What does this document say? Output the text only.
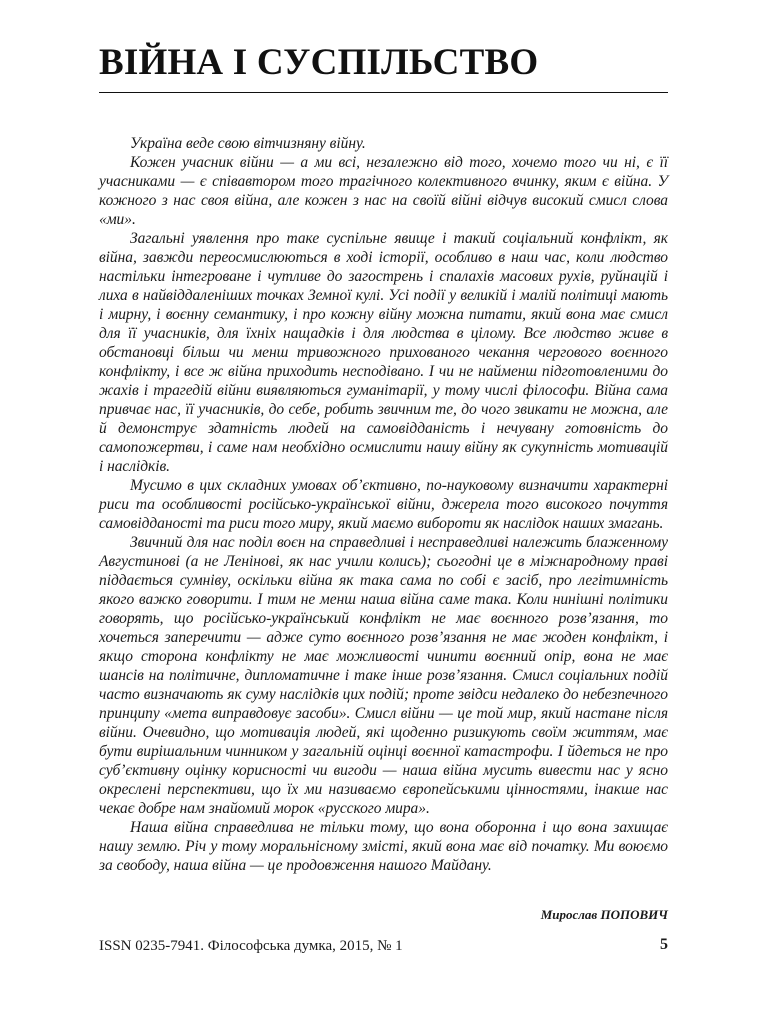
ВІЙНА І СУСПІЛЬСТВО

Україна веде свою вітчизняну війну.

Кожен учасник війни — а ми всі, незалежно від того, хочемо того чи ні, є її учасниками — є співавтором того трагічного колективного вчинку, яким є війна. У кожного з нас своя війна, але кожен з нас на своїй війні відчув високий смисл слова «ми».

Загальні уявлення про таке суспільне явище і такий соціальний конфлікт, як війна, завжди переосмислюються в ході історії, особливо в наш час, коли людство настільки інтегроване і чутливе до загострень і спалахів масових рухів, руйнацій і лиха в найвіддаленіших точках Земної кулі. Усі події у великій і малій політиці мають і мирну, і воєнну семантику, і про кожну війну можна питати, який вона має смисл для її учасників, для їхніх нащадків і для людства в цілому. Все людство живе в обстановці більш чи менш тривожного прихованого чекання чергового воєнного конфлікту, і все ж війна приходить несподівано. І чи не найменш підготовленими до жахів і трагедій війни виявляються гуманітарії, у тому числі філософи. Війна сама привчає нас, її учасників, до себе, робить звичним те, до чого звикати не можна, але й демонструє здатність людей на самовідданість і нечувану готовність до самопожертви, і саме нам необхідно осмислити нашу війну як сукупність мотивацій і наслідків.

Мусимо в цих складних умовах об’єктивно, по-науковому визначити характерні риси та особливості російсько-української війни, джерела того високого почуття самовідданості та риси того миру, який маємо виборoти як наслідок наших змагань.

Звичний для нас поділ воєн на справедливі і несправедливі належить блаженному Августинові (а не Ленінові, як нас учили колись); сьогодні це в міжнародному праві піддається сумніву, оскільки війна як така сама по собі є засіб, про легітимність якого важко говорити. І тим не менш наша війна саме така. Коли нинішні політики говорять, що російсько-український конфлікт не має воєнного розв’язання, то хочеться заперечити — адже суто воєнного розв’язання не має жоден конфлікт, і якщо сторона конфлікту не має можливості чинити воєнний опір, вона не має шансів на політичне, дипломатичне і таке інше розв’язання. Смисл соціальних подій часто визначають як суму наслідків цих подій; проте звідси недалеко до небезпечного принципу «мета виправдовує засоби». Смисл війни — це той мир, який настане після війни. Очевидно, що мотивація людей, які щоденно ризикують своїм життям, має бути вирішальним чинником у загальній оцінці воєнної катастрофи. І йдеться не про суб’єктивну оцінку корисності чи вигоди — наша війна мусить вивести нас у ясно окреслені перспективи, що їх ми називаємо європейськими цінностями, інакше нас чекає добре нам знайомий морок «русского мира».

Наша війна справедлива не тільки тому, що вона оборонна і що вона захищає нашу землю. Річ у тому моральнісному змісті, який вона має від початку. Ми воюємо за свободу, наша війна — це продовження нашого Майдану.

Мирослав ПОПОВИЧ

ISSN 0235-7941. Філософська думка, 2015, № 1	5
